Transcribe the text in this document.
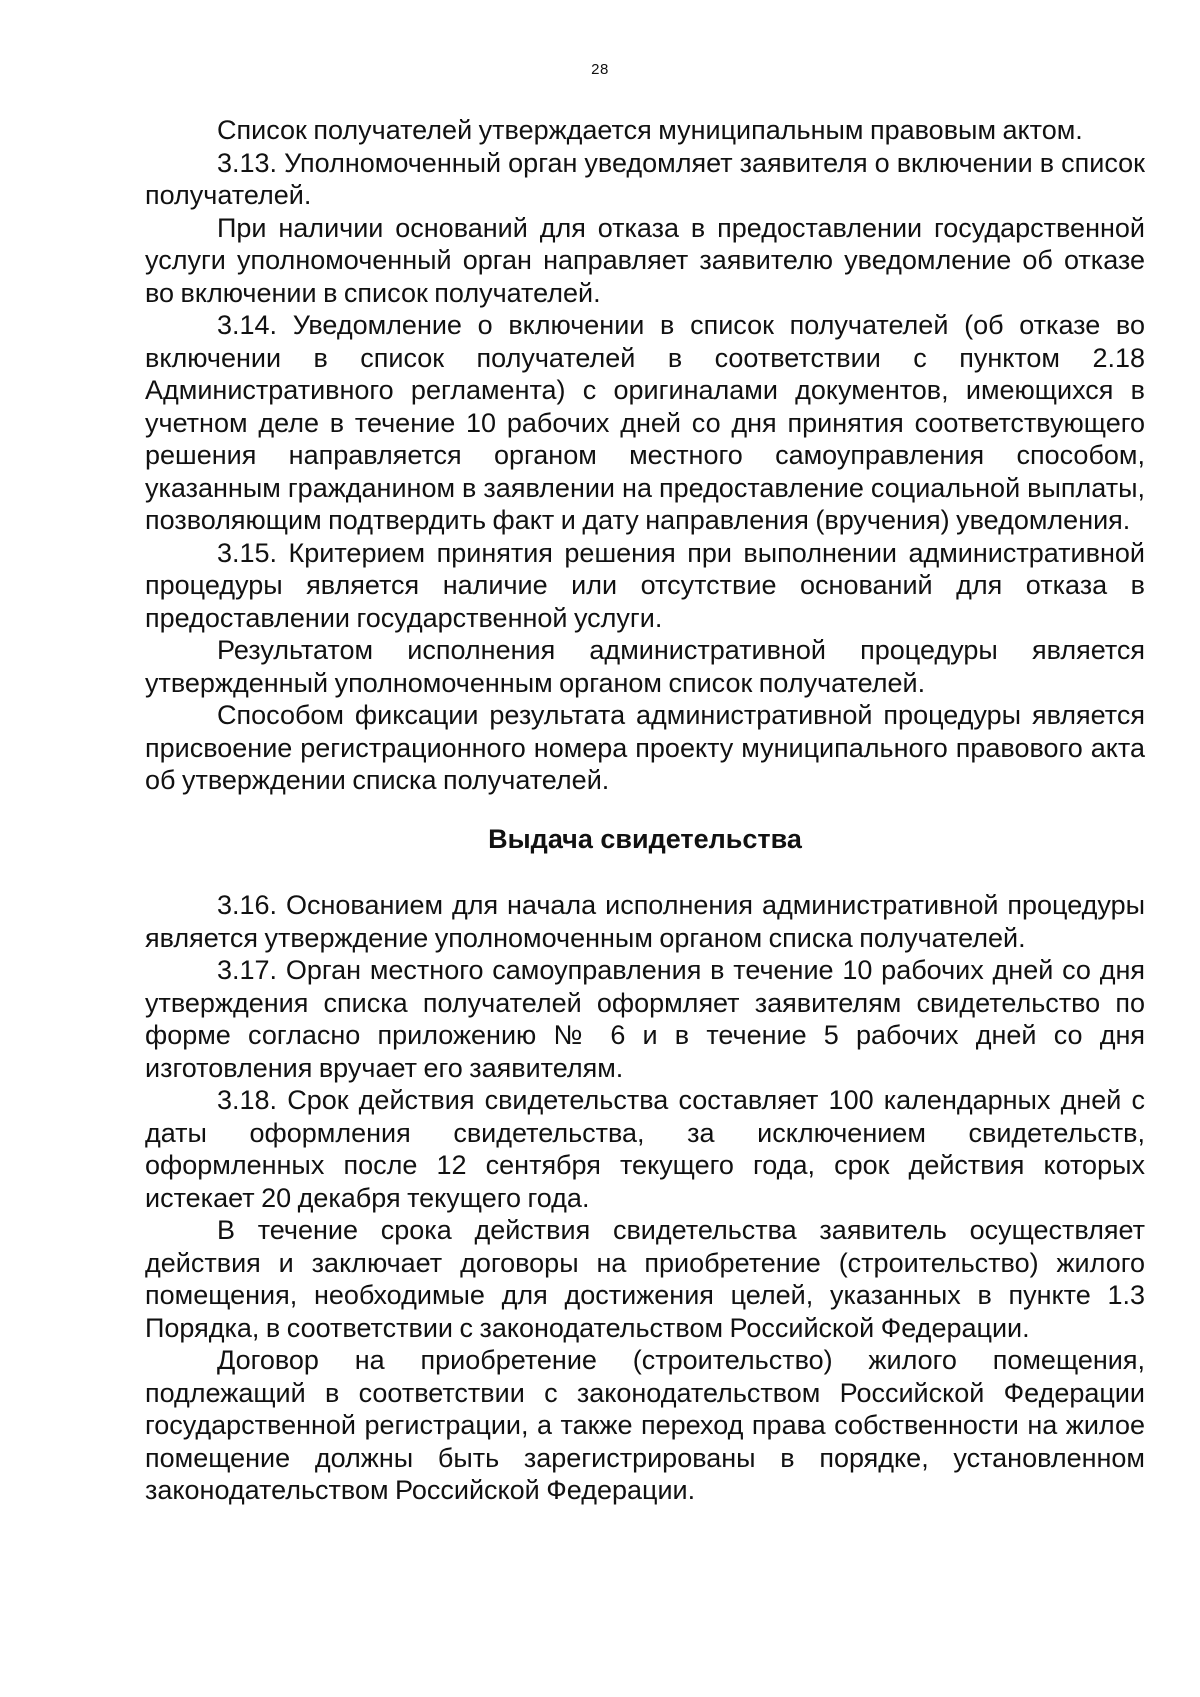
28

Список получателей утверждается муниципальным правовым актом.

3.13. Уполномоченный орган уведомляет заявителя о включении в список получателей.

При наличии оснований для отказа в предоставлении государственной услуги уполномоченный орган направляет заявителю уведомление об отказе во включении в список получателей.

3.14. Уведомление о включении в список получателей (об отказе во включении в список получателей в соответствии с пунктом 2.18 Административного регламента) с оригиналами документов, имеющихся в учетном деле в течение 10 рабочих дней со дня принятия соответствующего решения направляется органом местного самоуправления способом, указанным гражданином в заявлении на предоставление социальной выплаты, позволяющим подтвердить факт и дату направления (вручения) уведомления.

3.15. Критерием принятия решения при выполнении административной процедуры является наличие или отсутствие оснований для отказа в предоставлении государственной услуги.

Результатом исполнения административной процедуры является утвержденный уполномоченным органом список получателей.

Способом фиксации результата административной процедуры является присвоение регистрационного номера проекту муниципального правового акта об утверждении списка получателей.

Выдача свидетельства

3.16. Основанием для начала исполнения административной процедуры является утверждение уполномоченным органом списка получателей.

3.17. Орган местного самоуправления в течение 10 рабочих дней со дня утверждения списка получателей оформляет заявителям свидетельство по форме согласно приложению № 6 и в течение 5 рабочих дней со дня изготовления вручает его заявителям.

3.18. Срок действия свидетельства составляет 100 календарных дней с даты оформления свидетельства, за исключением свидетельств, оформленных после 12 сентября текущего года, срок действия которых истекает 20 декабря текущего года.

В течение срока действия свидетельства заявитель осуществляет действия и заключает договоры на приобретение (строительство) жилого помещения, необходимые для достижения целей, указанных в пункте 1.3 Порядка, в соответствии с законодательством Российской Федерации.

Договор на приобретение (строительство) жилого помещения, подлежащий в соответствии с законодательством Российской Федерации государственной регистрации, а также переход права собственности на жилое помещение должны быть зарегистрированы в порядке, установленном законодательством Российской Федерации.
